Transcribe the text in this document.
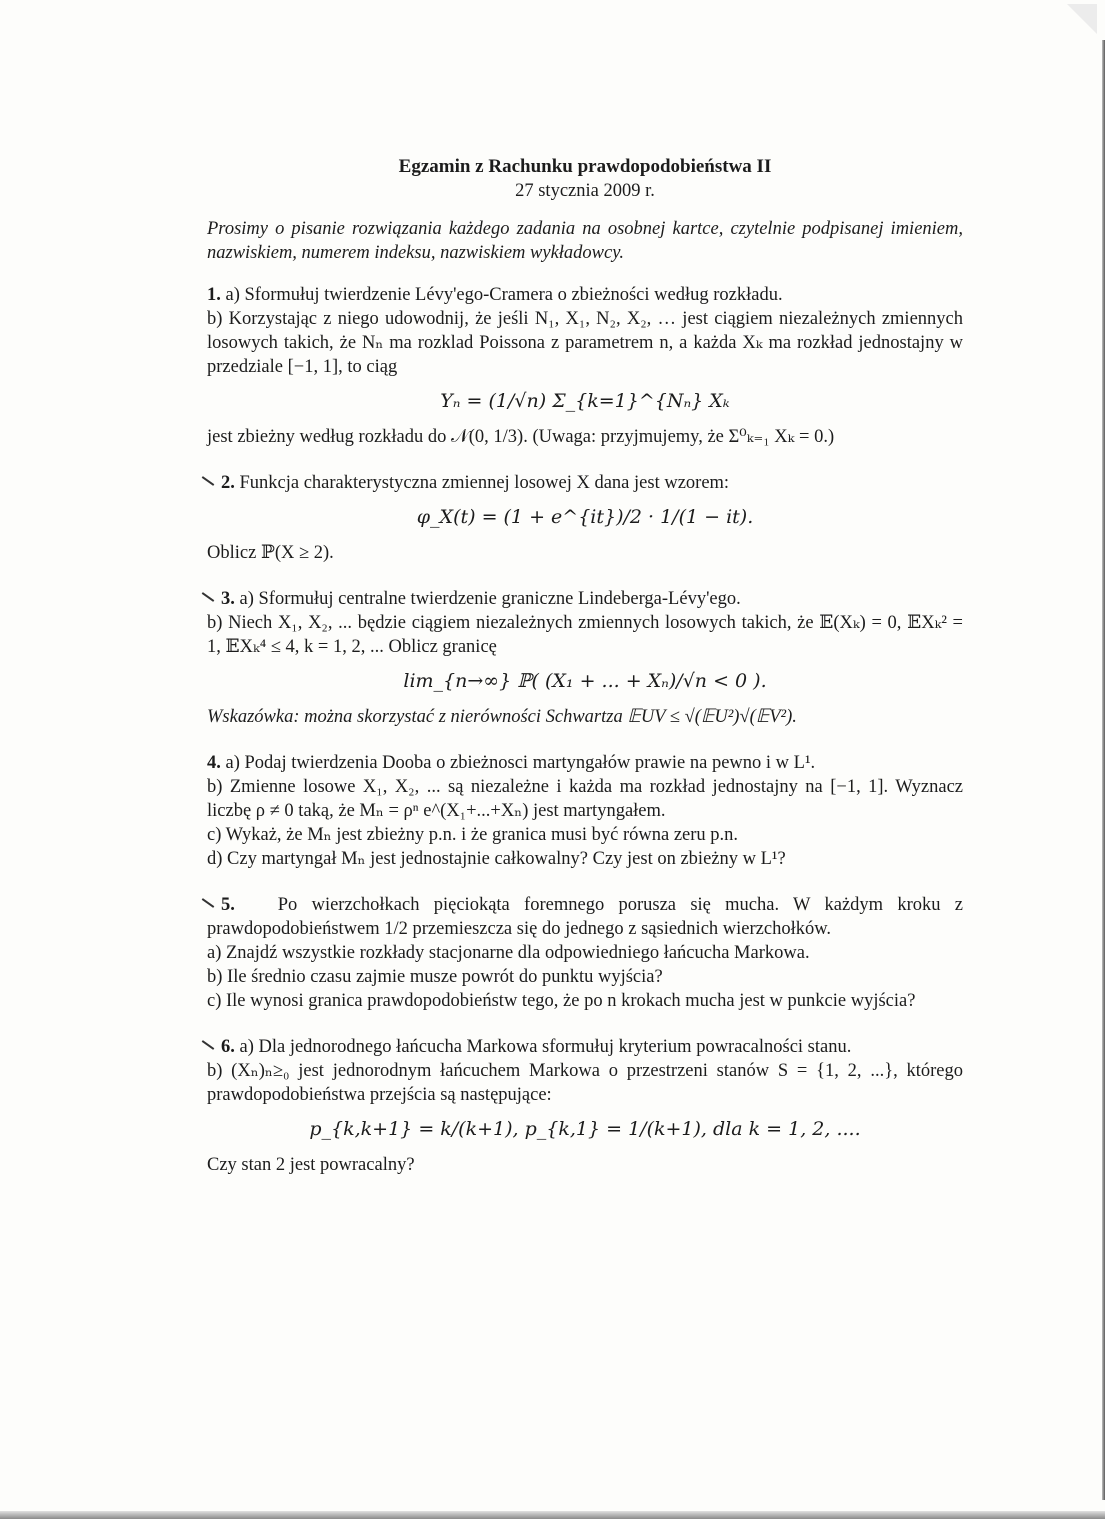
Egzamin z Rachunku prawdopodobieństwa II
27 stycznia 2009 r.
Prosimy o pisanie rozwiązania każdego zadania na osobnej kartce, czytelnie podpisanej imieniem, nazwiskiem, numerem indeksu, nazwiskiem wykładowcy.
1. a) Sformułuj twierdzenie Lévy'ego-Cramera o zbieżności według rozkładu.
b) Korzystając z niego udowodnij, że jeśli N₁, X₁, N₂, X₂, … jest ciągiem niezależnych zmiennych losowych takich, że Nₙ ma rozklad Poissona z parametrem n, a każda Xₖ ma rozkład jednostajny w przedziale [−1, 1], to ciąg
Yₙ = (1/√n) Σ_{k=1}^{Nₙ} Xₖ
jest zbieżny według rozkładu do 𝒩(0, 1/3). (Uwaga: przyjmujemy, że Σ⁰ₖ₌₁ Xₖ = 0.)
2. Funkcja charakterystyczna zmiennej losowej X dana jest wzorem:
φ_X(t) = (1 + e^{it})/2 · 1/(1 − it).
Oblicz ℙ(X ≥ 2).
3. a) Sformułuj centralne twierdzenie graniczne Lindeberga-Lévy'ego.
b) Niech X₁, X₂, ... będzie ciągiem niezależnych zmiennych losowych takich, że 𝔼(Xₖ) = 0, 𝔼Xₖ² = 1, 𝔼Xₖ⁴ ≤ 4, k = 1, 2, ... Oblicz granicę
lim_{n→∞} ℙ( (X₁ + ... + Xₙ)/√n < 0 ).
Wskazówka: można skorzystać z nierówności Schwartza 𝔼UV ≤ √(𝔼U²)√(𝔼V²).
4. a) Podaj twierdzenia Dooba o zbieżnosci martyngałów prawie na pewno i w L¹.
b) Zmienne losowe X₁, X₂, ... są niezależne i każda ma rozkład jednostajny na [−1, 1]. Wyznacz liczbę ρ ≠ 0 taką, że Mₙ = ρⁿ e^(X₁+...+Xₙ) jest martyngałem.
c) Wykaż, że Mₙ jest zbieżny p.n. i że granica musi być równa zeru p.n.
d) Czy martyngał Mₙ jest jednostajnie całkowalny? Czy jest on zbieżny w L¹?
5. Po wierzchołkach pięciokąta foremnego porusza się mucha. W każdym kroku z prawdopodobieństwem 1/2 przemieszcza się do jednego z sąsiednich wierzchołków.
a) Znajdź wszystkie rozkłady stacjonarne dla odpowiedniego łańcucha Markowa.
b) Ile średnio czasu zajmie musze powrót do punktu wyjścia?
c) Ile wynosi granica prawdopodobieństw tego, że po n krokach mucha jest w punkcie wyjścia?
6. a) Dla jednorodnego łańcucha Markowa sformułuj kryterium powracalności stanu.
b) (Xₙ)ₙ≥₀ jest jednorodnym łańcuchem Markowa o przestrzeni stanów S = {1, 2, ...}, którego prawdopodobieństwa przejścia są następujące:
p_{k,k+1} = k/(k+1), p_{k,1} = 1/(k+1), dla k = 1, 2, ....
Czy stan 2 jest powracalny?
